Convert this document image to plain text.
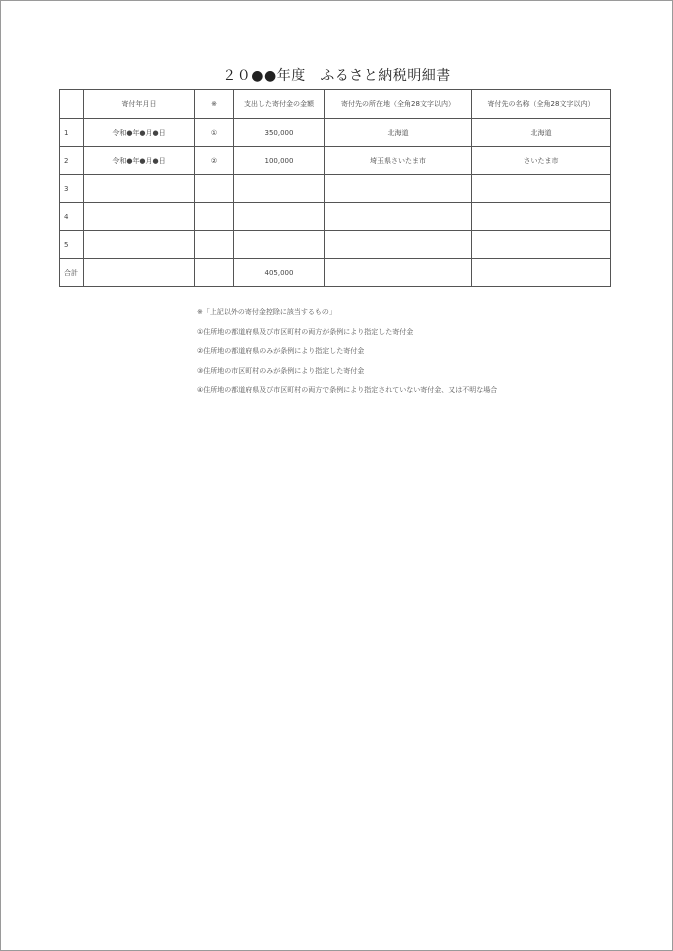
２０●●年度　ふるさと納税明細書
	寄付年月日	※	支出した寄付金の金額	寄付先の所在地（全角28文字以内）	寄付先の名称（全角28文字以内）
1	令和●年●月●日	①	350,000	北海道	北海道
2	令和●年●月●日	②	100,000	埼玉県さいたま市	さいたま市
3					
4					
5					
合計			405,000		
※「上記以外の寄付金控除に該当するもの」
①住所地の都道府県及び市区町村の両方が条例により指定した寄付金
②住所地の都道府県のみが条例により指定した寄付金
③住所地の市区町村のみが条例により指定した寄付金
④住所地の都道府県及び市区町村の両方で条例により指定されていない寄付金、又は不明な場合
